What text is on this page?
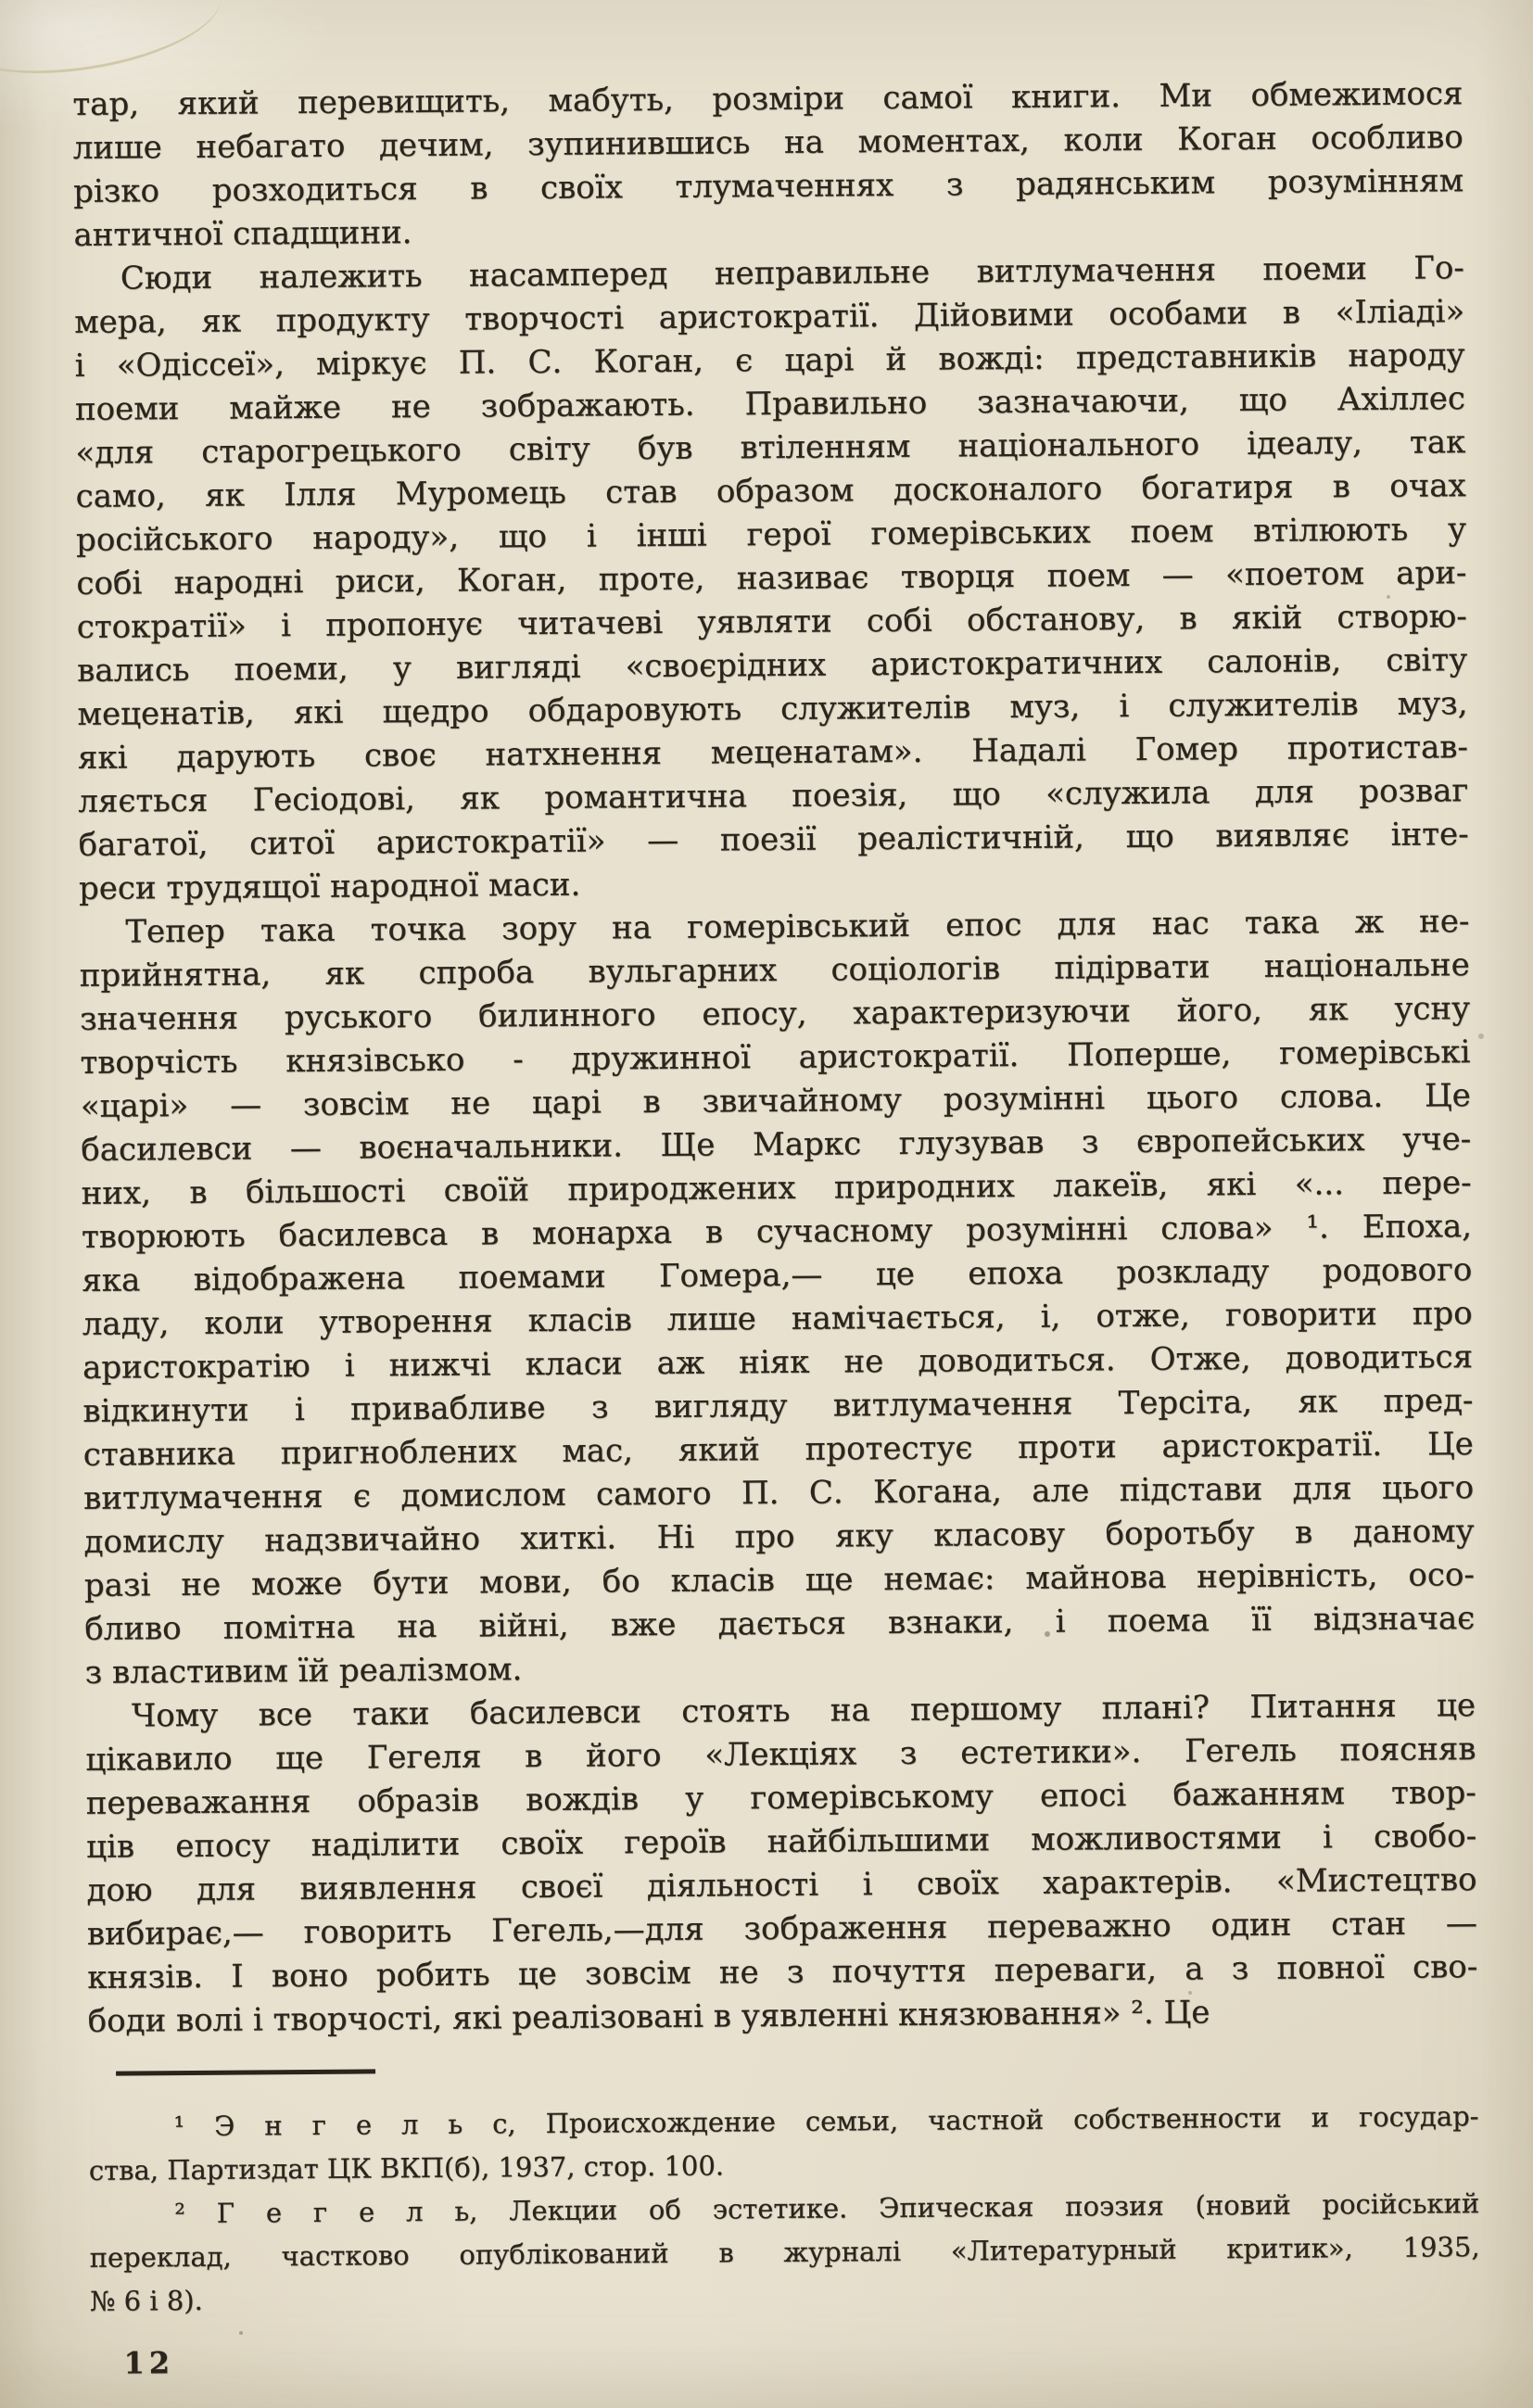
тар, який перевищить, мабуть, розміри самої книги. Ми обмежимося
лише небагато дечим, зупинившись на моментах, коли Коган особливо
різко розходиться в своїх тлумаченнях з радянським розумінням
античної спадщини.
Сюди належить насамперед неправильне витлумачення поеми Го-
мера, як продукту творчості аристократії. Дійовими особами в «Іліаді»
і «Одіссеї», міркує П. С. Коган, є царі й вожді: представників народу
поеми майже не зображають. Правильно зазначаючи, що Ахіллес
«для старогрецького світу був втіленням національного ідеалу, так
само, як Ілля Муромець став образом досконалого богатиря в очах
російського народу», що і інші герої гомерівських поем втілюють у
собі народні риси, Коган, проте, називає творця поем — «поетом ари-
стократії» і пропонує читачеві уявляти собі обстанову, в якій створю-
вались поеми, у вигляді «своєрідних аристократичних салонів, світу
меценатів, які щедро обдаровують служителів муз, і служителів муз,
які дарують своє натхнення меценатам». Надалі Гомер протистав-
ляється Гесіодові, як романтична поезія, що «служила для розваг
багатої, ситої аристократії» — поезії реалістичній, що виявляє інте-
реси трудящої народної маси.
Тепер така точка зору на гомерівський епос для нас така ж не-
прийнятна, як спроба вульгарних соціологів підірвати національне
значення руського билинного епосу, характеризуючи його, як усну
творчість князівсько - дружинної аристократії. Поперше, гомерівські
«царі» — зовсім не царі в звичайному розумінні цього слова. Це
басилевси — воєначальники. Ще Маркс глузував з європейських уче-
них, в більшості своїй природжених природних лакеїв, які «... пере-
творюють басилевса в монарха в сучасному розумінні слова» ¹. Епоха,
яка відображена поемами Гомера,— це епоха розкладу родового
ладу, коли утворення класів лише намічається, і, отже, говорити про
аристократію і нижчі класи аж ніяк не доводиться. Отже, доводиться
відкинути і привабливе з вигляду витлумачення Терсіта, як пред-
ставника пригноблених мас, який протестує проти аристократії. Це
витлумачення є домислом самого П. С. Когана, але підстави для цього
домислу надзвичайно хиткі. Ні про яку класову боротьбу в даному
разі не може бути мови, бо класів ще немає: майнова нерівність, осо-
бливо помітна на війні, вже дається взнаки, і поема її відзначає
з властивим їй реалізмом.
Чому все таки басилевси стоять на першому плані? Питання це
цікавило ще Гегеля в його «Лекціях з естетики». Гегель поясняв
переважання образів вождів у гомерівському епосі бажанням твор-
ців епосу наділити своїх героїв найбільшими можливостями і свобо-
дою для виявлення своєї діяльності і своїх характерів. «Мистецтво
вибирає,— говорить Гегель,—для зображення переважно один стан —
князів. І воно робить це зовсім не з почуття переваги, а з повної сво-
боди волі і творчості, які реалізовані в уявленні князювання» ². Це
¹ Э н г е л ь с, Происхождение семьи, частной собственности и государ-
ства, Партиздат ЦК ВКП(б), 1937, стор. 100.
² Г е г е л ь, Лекции об эстетике. Эпическая поэзия (новий російський
переклад, частково опублікований в журналі «Литературный критик», 1935,
№ 6 і 8).
12
